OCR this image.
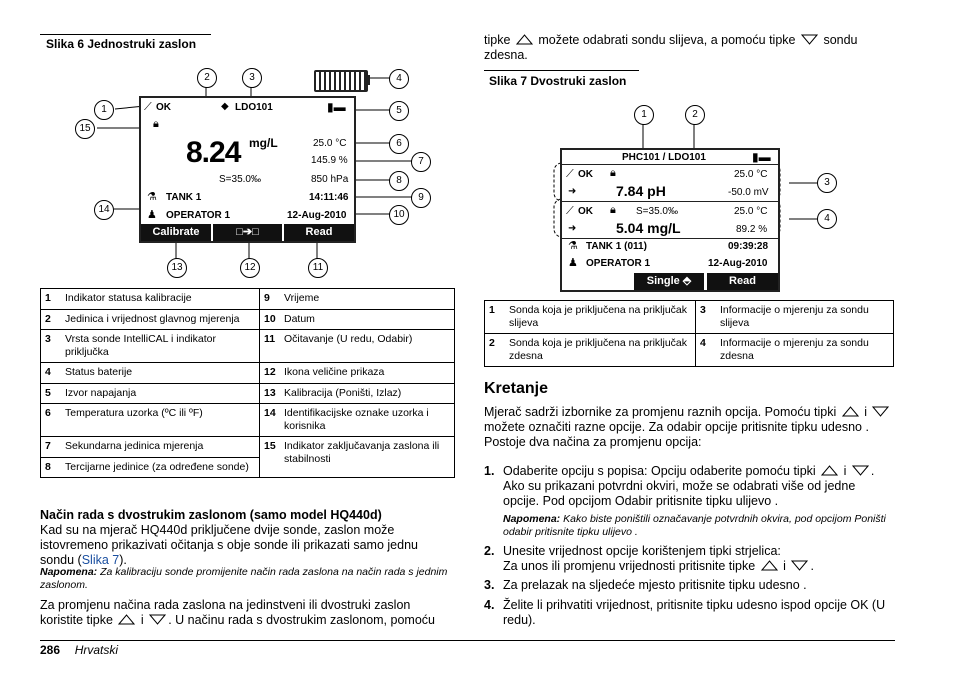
Slika 6 Jednostruki zaslon
⟋ OK	◆ LDO101	▮▬
🔒︎
8.24 mg/L	25.0 °C
145.9 %
S=35.0‰	850 hPa
⚗ TANK 1	14:11:46
♟ OPERATOR 1	12-Aug-2010
Calibrate	□➔□	Read
1
2	3	4
5
6
7
8
9
10
11
12
13
14
15
1	Indikator statusa kalibracije	9	Vrijeme
2	Jedinica i vrijednost glavnog mjerenja	10	Datum
3	Vrsta sonde IntelliCAL i indikator priključka	11	Očitavanje (U redu, Odabir)
4	Status baterije	12	Ikona veličine prikaza
5	Izvor napajanja	13	Kalibracija (Poništi, Izlaz)
6	Temperatura uzorka (ºC ili ºF)	14	Identifikacijske oznake uzorka i korisnika
7	Sekundarna jedinica mjerenja	15	Indikator zaključavanja zaslona ili stabilnosti
8	Tercijarne jedinice (za određene sonde)		
Način rada s dvostrukim zaslonom (samo model HQ440d)
Kad su na mjerač HQ440d priključene dvije sonde, zaslon može istovremeno prikazivati očitanja s obje sonde ili prikazati samo jednu sondu (Slika 7).
Napomena: Za kalibraciju sonde promijenite način rada zaslona na način rada s jednim zaslonom.
Za promjenu načina rada zaslona na jedinstveni ili dvostruki zaslon koristite tipke i . U načinu rada s dvostrukim zaslonom, pomoću
tipke možete odabrati sondu slijeva, a pomoću tipke sondu
zdesna.
Slika 7 Dvostruki zaslon
PHC101 / LDO101	▮▬
⟋ OK 🔒︎	25.0 °C
➜	7.84 pH	-50.0 mV
⟋ OK 🔒︎ S=35.0‰	25.0 °C
➜	5.04 mg/L	89.2 %
⚗ TANK 1 (011)	09:39:28
♟ OPERATOR 1	12-Aug-2010
Single ⬘	Read
1	2
3
4
1	Sonda koja je priključena na priključak slijeva	3	Informacije o mjerenju za sondu slijeva
2	Sonda koja je priključena na priključak zdesna	4	Informacije o mjerenju za sondu zdesna
Kretanje
Mjerač sadrži izbornike za promjenu raznih opcija. Pomoću tipki i  možete označiti razne opcije. Za odabir opcije pritisnite tipku udesno . Postoje dva načina za promjenu opcija:
1. Odaberite opciju s popisa: Opciju odaberite pomoću tipki i . Ako su prikazani potvrdni okviri, može se odabrati više od jedne opcije. Pod opcijom Odabir pritisnite tipku ulijevo .
Napomena: Kako biste poništili označavanje potvrdnih okvira, pod opcijom Poništi odabir pritisnite tipku ulijevo .
2. Unesite vrijednost opcije korištenjem tipki strjelica:
Za unos ili promjenu vrijednosti pritisnite tipke i .
3. Za prelazak na sljedeće mjesto pritisnite tipku udesno .
4. Želite li prihvatiti vrijednost, pritisnite tipku udesno ispod opcije OK (U redu).
286 Hrvatski
